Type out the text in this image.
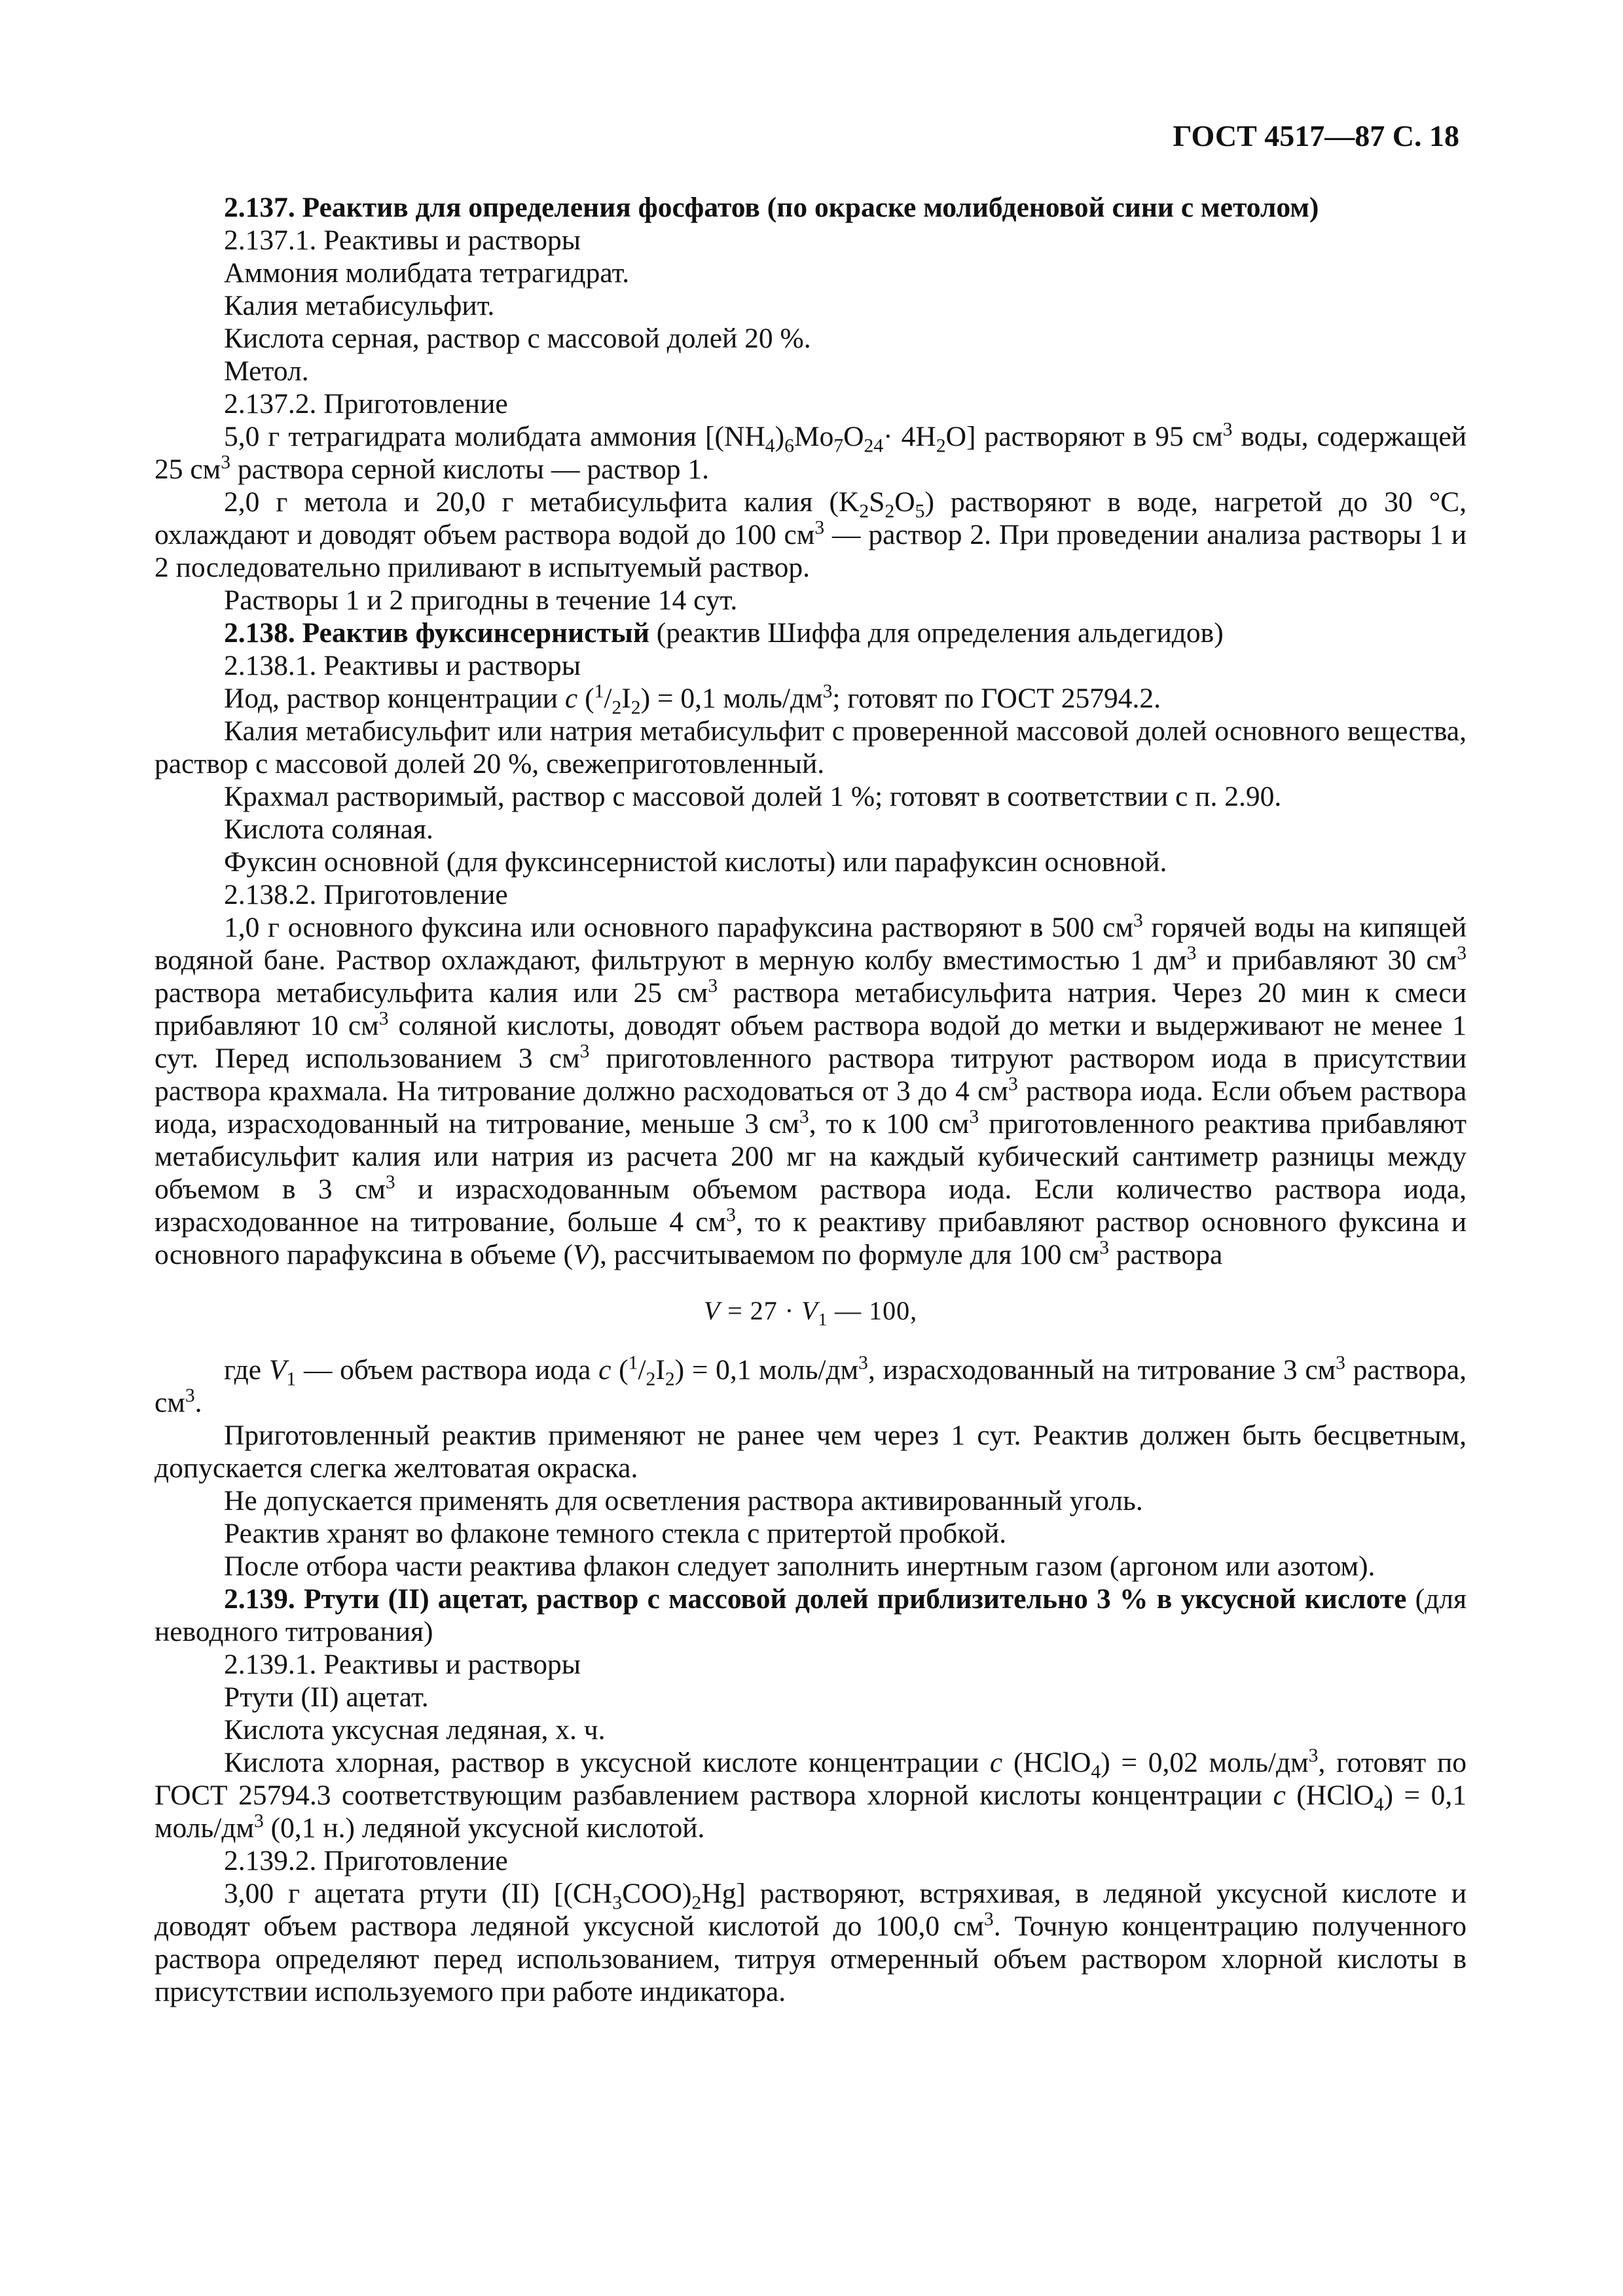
ГОСТ 4517—87 С. 18

2.137. Реактив для определения фосфатов (по окраске молибденовой сини с метолом)

2.137.1. Реактивы и растворы

Аммония молибдата тетрагидрат.

Калия метабисульфит.

Кислота серная, раствор с массовой долей 20 %.

Метол.

2.137.2. Приготовление

5,0 г тетрагидрата молибдата аммония $[(NH_4)_6Mo_7O_{24}\cdot 4H_2O]$ растворяют в 95 $см^3$ воды, содержащей 25 $см^3$ раствора серной кислоты — раствор 1.

2,0 г метола и 20,0 г метабисульфита калия $(K_2S_2O_5)$ растворяют в воде, нагретой до 30 °С, охлаждают и доводят объем раствора водой до 100 $см^3$ — раствор 2. При проведении анализа растворы 1 и 2 последовательно приливают в испытуемый раствор.

Растворы 1 и 2 пригодны в течение 14 сут.

2.138. Реактив фуксинсернистый (реактив Шиффа для определения альдегидов)

2.138.1. Реактивы и растворы

Иод, раствор концентрации c $(^1/_2I_2) = 0,1$ моль/$дм^3$; готовят по ГОСТ 25794.2.

Калия метабисульфит или натрия метабисульфит с проверенной массовой долей основного вещества, раствор с массовой долей 20 %, свежеприготовленный.

Крахмал растворимый, раствор с массовой долей 1 %; готовят в соответствии с п. 2.90.

Кислота соляная.

Фуксин основной (для фуксинсернистой кислоты) или парафуксин основной.

2.138.2. Приготовление

1,0 г основного фуксина или основного парафуксина растворяют в 500 $см^3$ горячей воды на кипящей водяной бане. Раствор охлаждают, фильтруют в мерную колбу вместимостью 1 $дм^3$ и прибавляют 30 $см^3$ раствора метабисульфита калия или 25 $см^3$ раствора метабисульфита натрия. Через 20 мин к смеси прибавляют 10 $см^3$ соляной кислоты, доводят объем раствора водой до метки и выдерживают не менее 1 сут. Перед использованием 3 $см^3$ приготовленного раствора титруют раствором иода в присутствии раствора крахмала. На титрование должно расходоваться от 3 до 4 $см^3$ раствора иода. Если объем раствора иода, израсходованный на титрование, меньше 3 $см^3$, то к 100 $см^3$ приготовленного реактива прибавляют метабисульфит калия или натрия из расчета 200 мг на каждый кубический сантиметр разницы между объемом в 3 $см^3$ и израсходованным объемом раствора иода. Если количество раствора иода, израсходованное на титрование, больше 4 $см^3$, то к реактиву прибавляют раствор основного фуксина и основного парафуксина в объеме (V), рассчитываемом по формуле для 100 $см^3$ раствора

$V = 27 \cdot V_1$ — 100,

где $V_1$ — объем раствора иода c $(^1/_2I_2) = 0,1$ моль/$дм^3$, израсходованный на титрование 3 $см^3$ раствора, $см^3$.

Приготовленный реактив применяют не ранее чем через 1 сут. Реактив должен быть бесцветным, допускается слегка желтоватая окраска.

Не допускается применять для осветления раствора активированный уголь.

Реактив хранят во флаконе темного стекла с притертой пробкой.

После отбора части реактива флакон следует заполнить инертным газом (аргоном или азотом).

2.139. Ртути (II) ацетат, раствор с массовой долей приблизительно 3 % в уксусной кислоте (для неводного титрования)

2.139.1. Реактивы и растворы

Ртути (II) ацетат.

Кислота уксусная ледяная, х. ч.

Кислота хлорная, раствор в уксусной кислоте концентрации c (HClO$_4$) = 0,02 моль/$дм^3$, готовят по ГОСТ 25794.3 соответствующим разбавлением раствора хлорной кислоты концентрации c (HClO$_4$) = 0,1 моль/$дм^3$ (0,1 н.) ледяной уксусной кислотой.

2.139.2. Приготовление

3,00 г ацетата ртути (II) $[(CH_3COO)_2Hg]$ растворяют, встряхивая, в ледяной уксусной кислоте и доводят объем раствора ледяной уксусной кислотой до 100,0 $см^3$. Точную концентрацию полученного раствора определяют перед использованием, титруя отмеренный объем раствором хлорной кислоты в присутствии используемого при работе индикатора.
